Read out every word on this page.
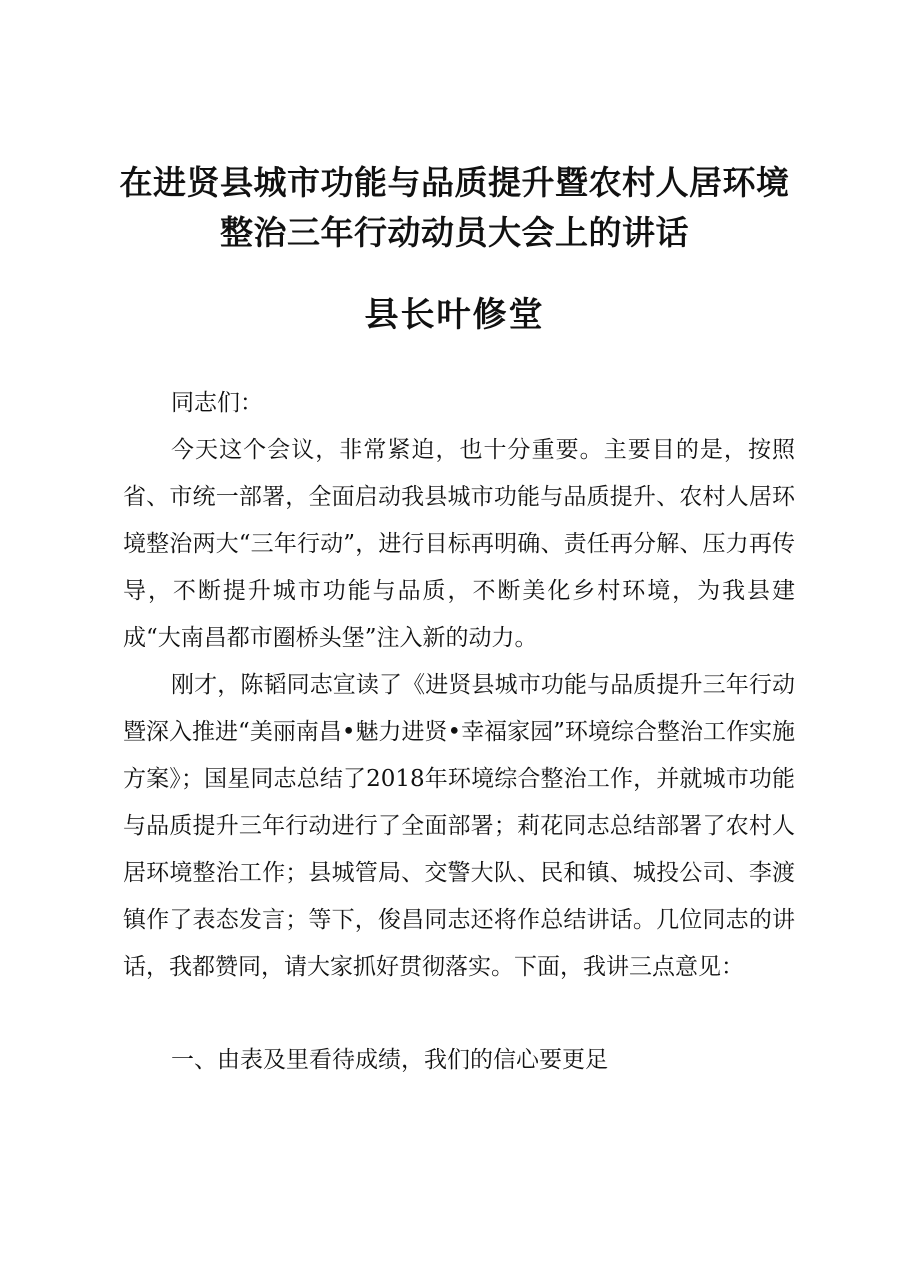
在进贤县城市功能与品质提升暨农村人居环境
整治三年行动动员大会上的讲话
县长叶修堂

同志们：

今天这个会议，非常紧迫，也十分重要。主要目的是，按照省、市统一部署，全面启动我县城市功能与品质提升、农村人居环境整治两大“三年行动”，进行目标再明确、责任再分解、压力再传导，不断提升城市功能与品质，不断美化乡村环境，为我县建成“大南昌都市圈桥头堡”注入新的动力。

刚才，陈韬同志宣读了《进贤县城市功能与品质提升三年行动暨深入推进“美丽南昌•魅力进贤•幸福家园”环境综合整治工作实施方案》；国星同志总结了2018年环境综合整治工作，并就城市功能与品质提升三年行动进行了全面部署；莉花同志总结部署了农村人居环境整治工作；县城管局、交警大队、民和镇、城投公司、李渡镇作了表态发言；等下，俊昌同志还将作总结讲话。几位同志的讲话，我都赞同，请大家抓好贯彻落实。下面，我讲三点意见：

一、由表及里看待成绩，我们的信心要更足
